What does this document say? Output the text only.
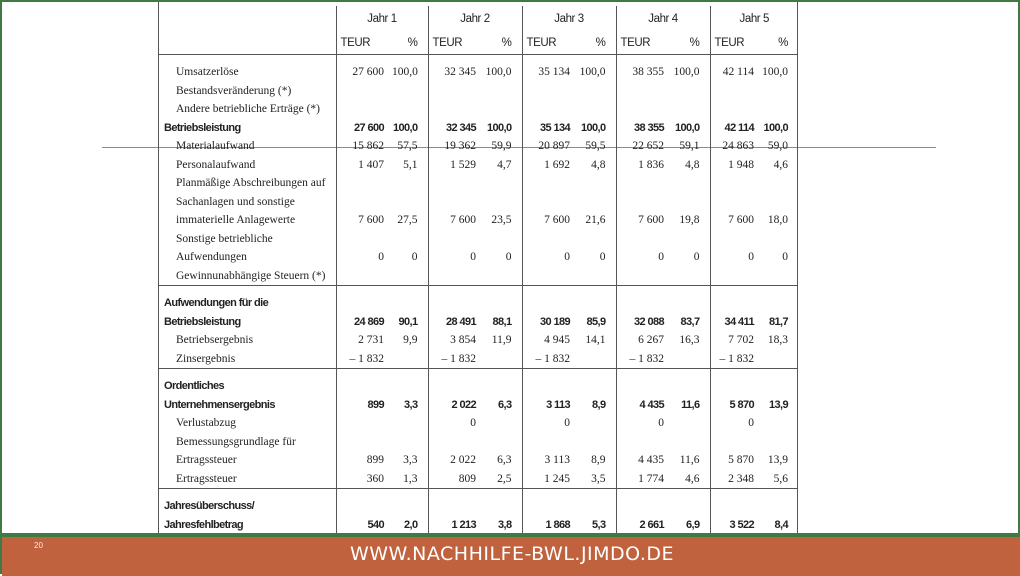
	Jahr 1		Jahr 2		Jahr 3		Jahr 4		Jahr 5	
	TEUR	%	TEUR	%	TEUR	%	TEUR	%	TEUR	%

Umsatzerlöse	27 600	100,0	32 345	100,0	35 134	100,0	38 355	100,0	42 114	100,0
Bestandsveränderung (*)										
Andere betriebliche Erträge (*)										
Betriebsleistung	27 600	100,0	32 345	100,0	35 134	100,0	38 355	100,0	42 114	100,0
Materialaufwand	15 862	57,5	19 362	59,9	20 897	59,5	22 652	59,1	24 863	59,0
Personalaufwand	1 407	5,1	1 529	4,7	1 692	4,8	1 836	4,8	1 948	4,6
Planmäßige Abschreibungen auf										
Sachanlagen und sonstige										
immaterielle Anlagewerte	7 600	27,5	7 600	23,5	7 600	21,6	7 600	19,8	7 600	18,0
Sonstige betriebliche										
Aufwendungen	0	0	0	0	0	0	0	0	0	0
Gewinnunabhängige Steuern (*)										

Aufwendungen für die										
Betriebsleistung	24 869	90,1	28 491	88,1	30 189	85,9	32 088	83,7	34 411	81,7
Betriebsergebnis	2 731	9,9	3 854	11,9	4 945	14,1	6 267	16,3	7 702	18,3
Zinsergebnis	– 1 832		– 1 832		– 1 832		– 1 832		– 1 832	

Ordentliches										
Unternehmensergebnis	899	3,3	2 022	6,3	3 113	8,9	4 435	11,6	5 870	13,9
Verlustabzug			0		0		0		0	
Bemessungsgrundlage für										
Ertragssteuer	899	3,3	2 022	6,3	3 113	8,9	4 435	11,6	5 870	13,9
Ertragssteuer	360	1,3	809	2,5	1 245	3,5	1 774	4,6	2 348	5,6

Jahresüberschuss/										
Jahresfehlbetrag	540	2,0	1 213	3,8	1 868	5,3	2 661	6,9	3 522	8,4
20	WWW.NACHHILFE-BWL.JIMDO.DE
